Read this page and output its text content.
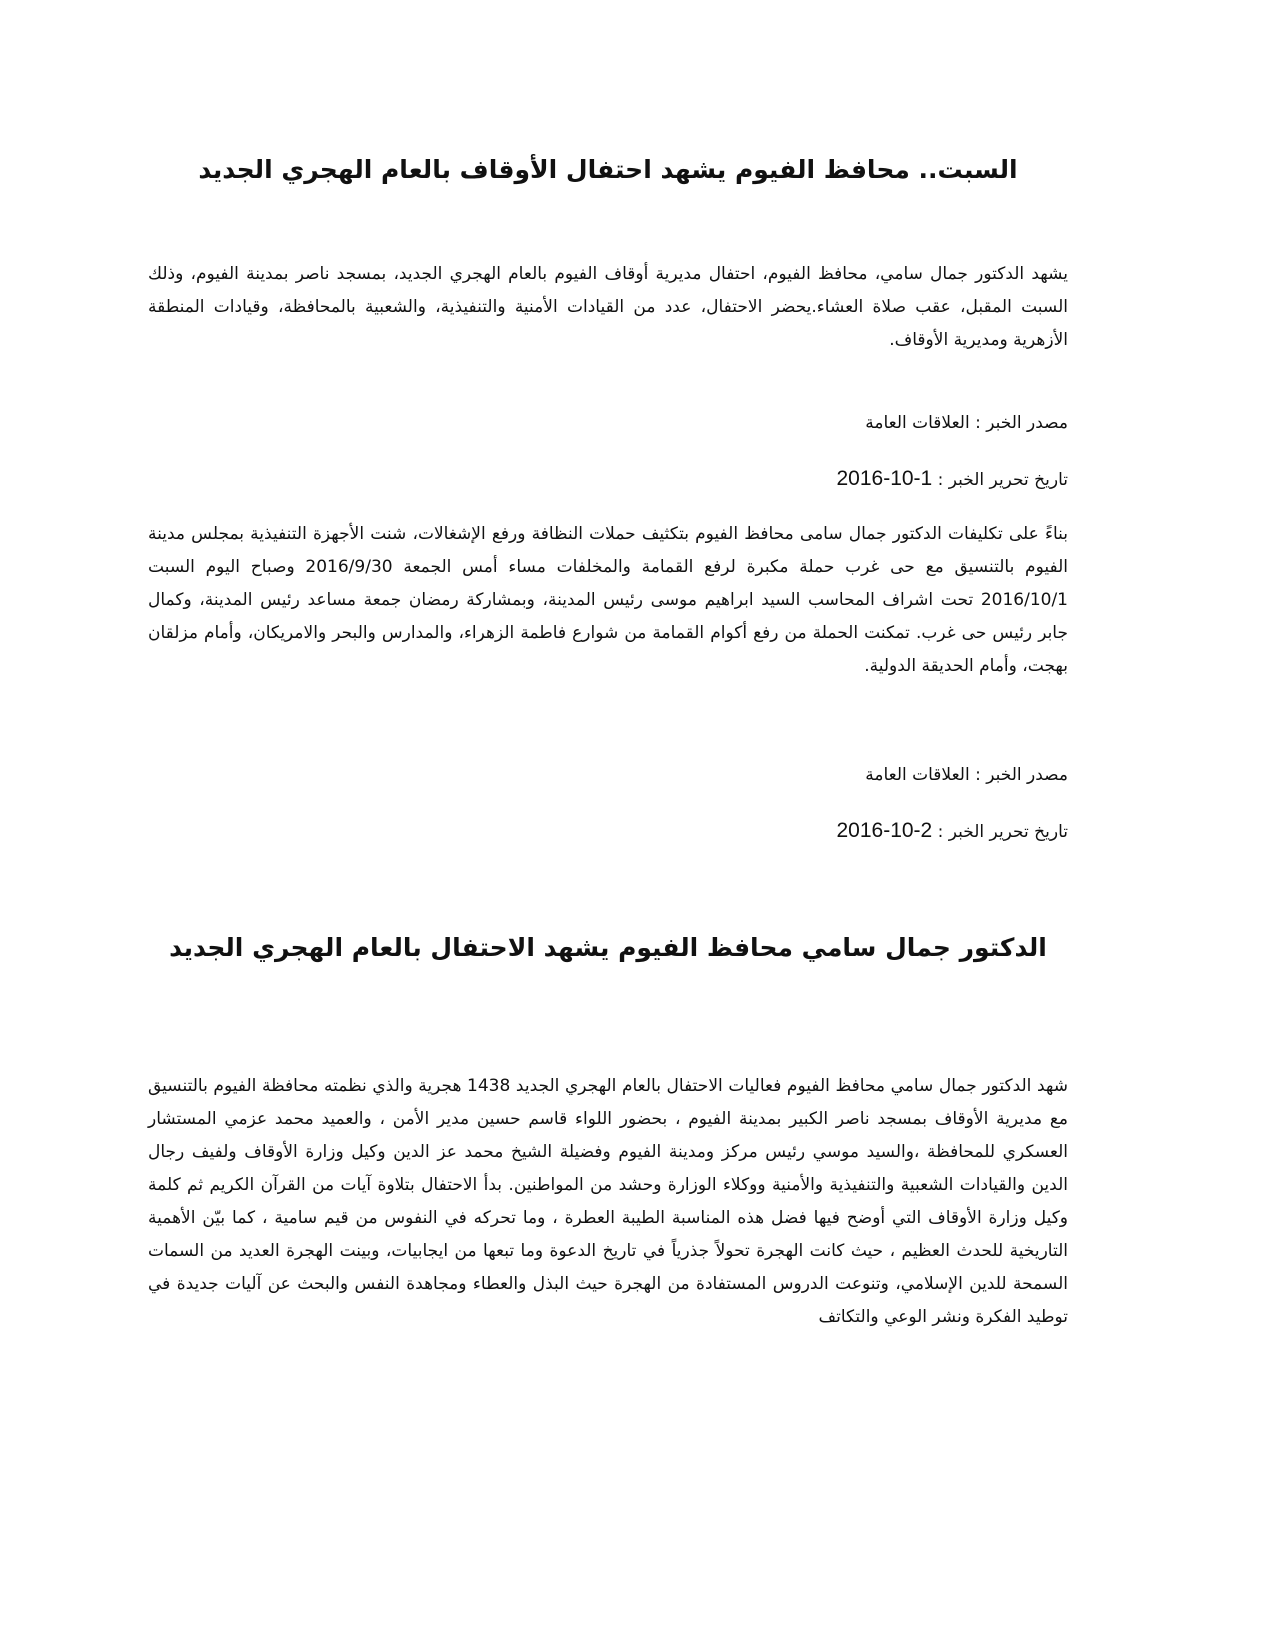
السبت.. محافظ الفيوم يشهد احتفال الأوقاف بالعام الهجري الجديد

يشهد الدكتور جمال سامي، محافظ الفيوم، احتفال مديرية أوقاف الفيوم بالعام الهجري الجديد، بمسجد ناصر بمدينة الفيوم، وذلك السبت المقبل، عقب صلاة العشاء.يحضر الاحتفال، عدد من القيادات الأمنية والتنفيذية، والشعبية بالمحافظة، وقيادات المنطقة الأزهرية ومديرية الأوقاف.

مصدر الخبر : العلاقات العامة

تاريخ تحرير الخبر : 2016-10-1

بناءً على تكليفات الدكتور جمال سامى محافظ الفيوم بتكثيف حملات النظافة ورفع الإشغالات، شنت الأجهزة التنفيذية بمجلس مدينة الفيوم بالتنسيق مع حى غرب حملة مكبرة لرفع القمامة والمخلفات مساء أمس الجمعة 2016/9/30 وصباح اليوم السبت 2016/10/1 تحت اشراف المحاسب السيد ابراهيم موسى رئيس المدينة، وبمشاركة رمضان جمعة مساعد رئيس المدينة، وكمال جابر رئيس حى غرب. تمكنت الحملة من رفع أكوام القمامة من شوارع فاطمة الزهراء، والمدارس والبحر والامريكان، وأمام مزلقان بهجت، وأمام الحديقة الدولية.

مصدر الخبر : العلاقات العامة

تاريخ تحرير الخبر : 2016-10-2

الدكتور جمال سامي محافظ الفيوم يشهد الاحتفال بالعام الهجري الجديد

شهد الدكتور جمال سامي محافظ الفيوم فعاليات الاحتفال بالعام الهجري الجديد 1438 هجرية والذي نظمته محافظة الفيوم بالتنسيق مع مديرية الأوقاف بمسجد ناصر الكبير بمدينة الفيوم ، بحضور اللواء قاسم حسين مدير الأمن ، والعميد محمد عزمي المستشار العسكري للمحافظة ،والسيد موسي رئيس مركز ومدينة الفيوم وفضيلة الشيخ محمد عز الدين وكيل وزارة الأوقاف ولفيف رجال الدين والقيادات الشعبية والتنفيذية والأمنية ووكلاء الوزارة وحشد من المواطنين. بدأ الاحتفال بتلاوة آيات من القرآن الكريم ثم كلمة وكيل وزارة الأوقاف التي أوضح فيها فضل هذه المناسبة الطيبة العطرة ، وما تحركه في النفوس من قيم سامية ، كما بيّن الأهمية التاريخية للحدث العظيم ، حيث كانت الهجرة تحولاً جذرياً في تاريخ الدعوة وما تبعها من ايجابيات، وبينت الهجرة العديد من السمات السمحة للدين الإسلامي، وتنوعت الدروس المستفادة من الهجرة حيث البذل والعطاء ومجاهدة النفس والبحث عن آليات جديدة في توطيد الفكرة ونشر الوعي والتكاتف
